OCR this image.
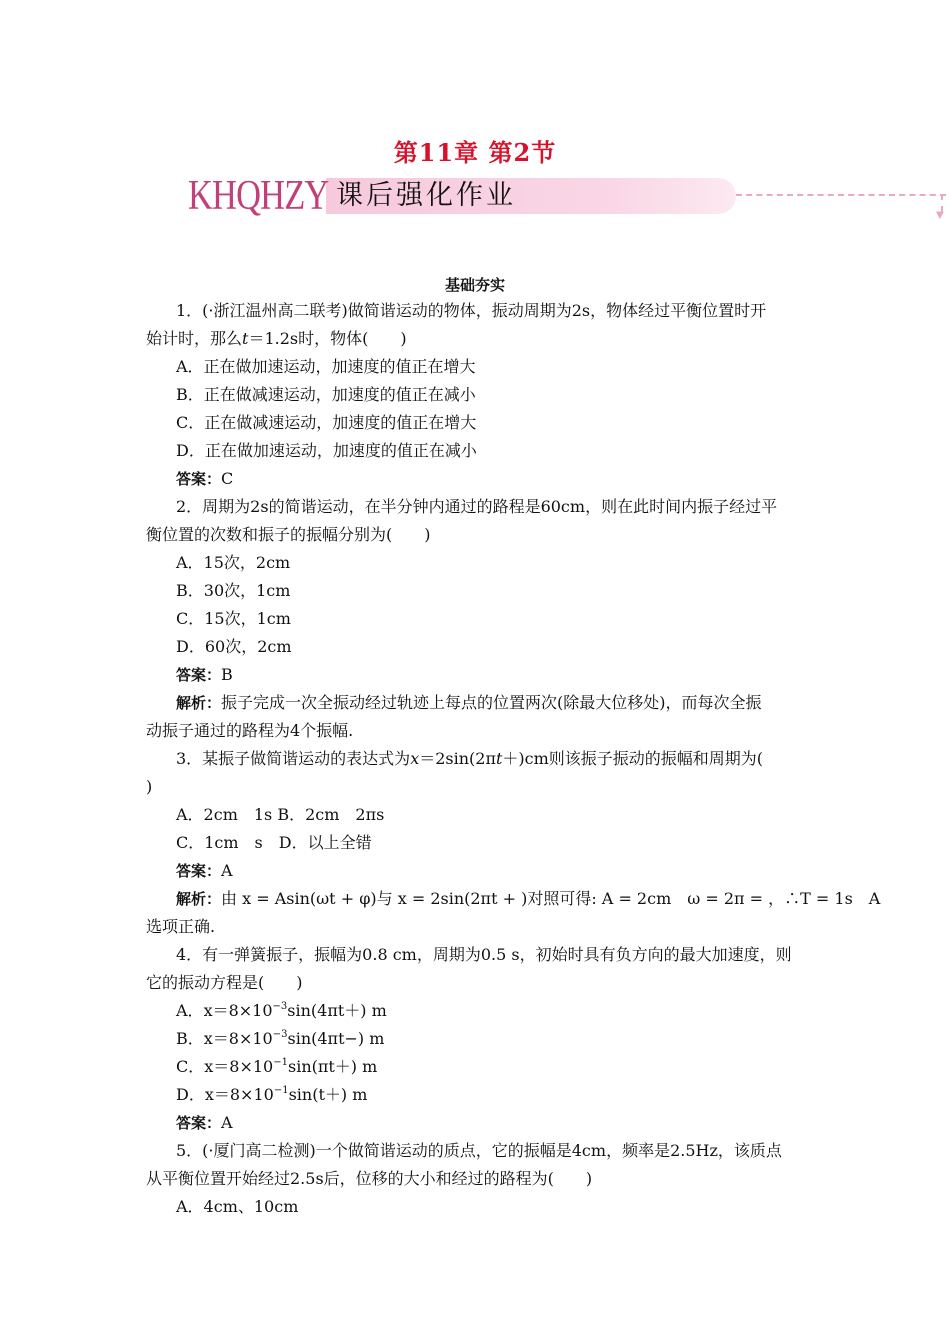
第11章 第2节
KHQHZY 课后强化作业
▼
基础夯实
1．(·浙江温州高二联考)做简谐运动的物体，振动周期为2s，物体经过平衡位置时开
始计时，那么t＝1.2s时，物体(　　)
A．正在做加速运动，加速度的值正在增大
B．正在做减速运动，加速度的值正在减小
C．正在做减速运动，加速度的值正在增大
D．正在做加速运动，加速度的值正在减小
答案：C
2．周期为2s的简谐运动，在半分钟内通过的路程是60cm，则在此时间内振子经过平
衡位置的次数和振子的振幅分别为(　　)
A．15次，2cm
B．30次，1cm
C．15次，1cm
D．60次，2cm
答案：B
解析：振子完成一次全振动经过轨迹上每点的位置两次(除最大位移处)，而每次全振
动振子通过的路程为4个振幅.
3．某振子做简谐运动的表达式为x＝2sin(2πt＋)cm则该振子振动的振幅和周期为(
)
A．2cm　1s B．2cm　2πs
C．1cm　s　D．以上全错
答案：A
解析：由 x = Asin(ωt + φ)与 x = 2sin(2πt + )对照可得: A = 2cm　ω = 2π = ，∴T = 1s　A
选项正确.
4．有一弹簧振子，振幅为0.8 cm，周期为0.5 s，初始时具有负方向的最大加速度，则
它的振动方程是(　　)
A．$x=8\times 10^{-3}\sin(4\pi t+)$ m
B．$x=8\times 10^{-3}\sin(4\pi t-)$ m
C．$x=8\times 10^{-1}\sin(\pi t+)$ m
D．$x=8\times 10^{-1}\sin(t+)$ m
答案：A
5．(·厦门高二检测)一个做简谐运动的质点，它的振幅是4cm，频率是2.5Hz，该质点
从平衡位置开始经过2.5s后，位移的大小和经过的路程为(　　)
A．4cm、10cm
